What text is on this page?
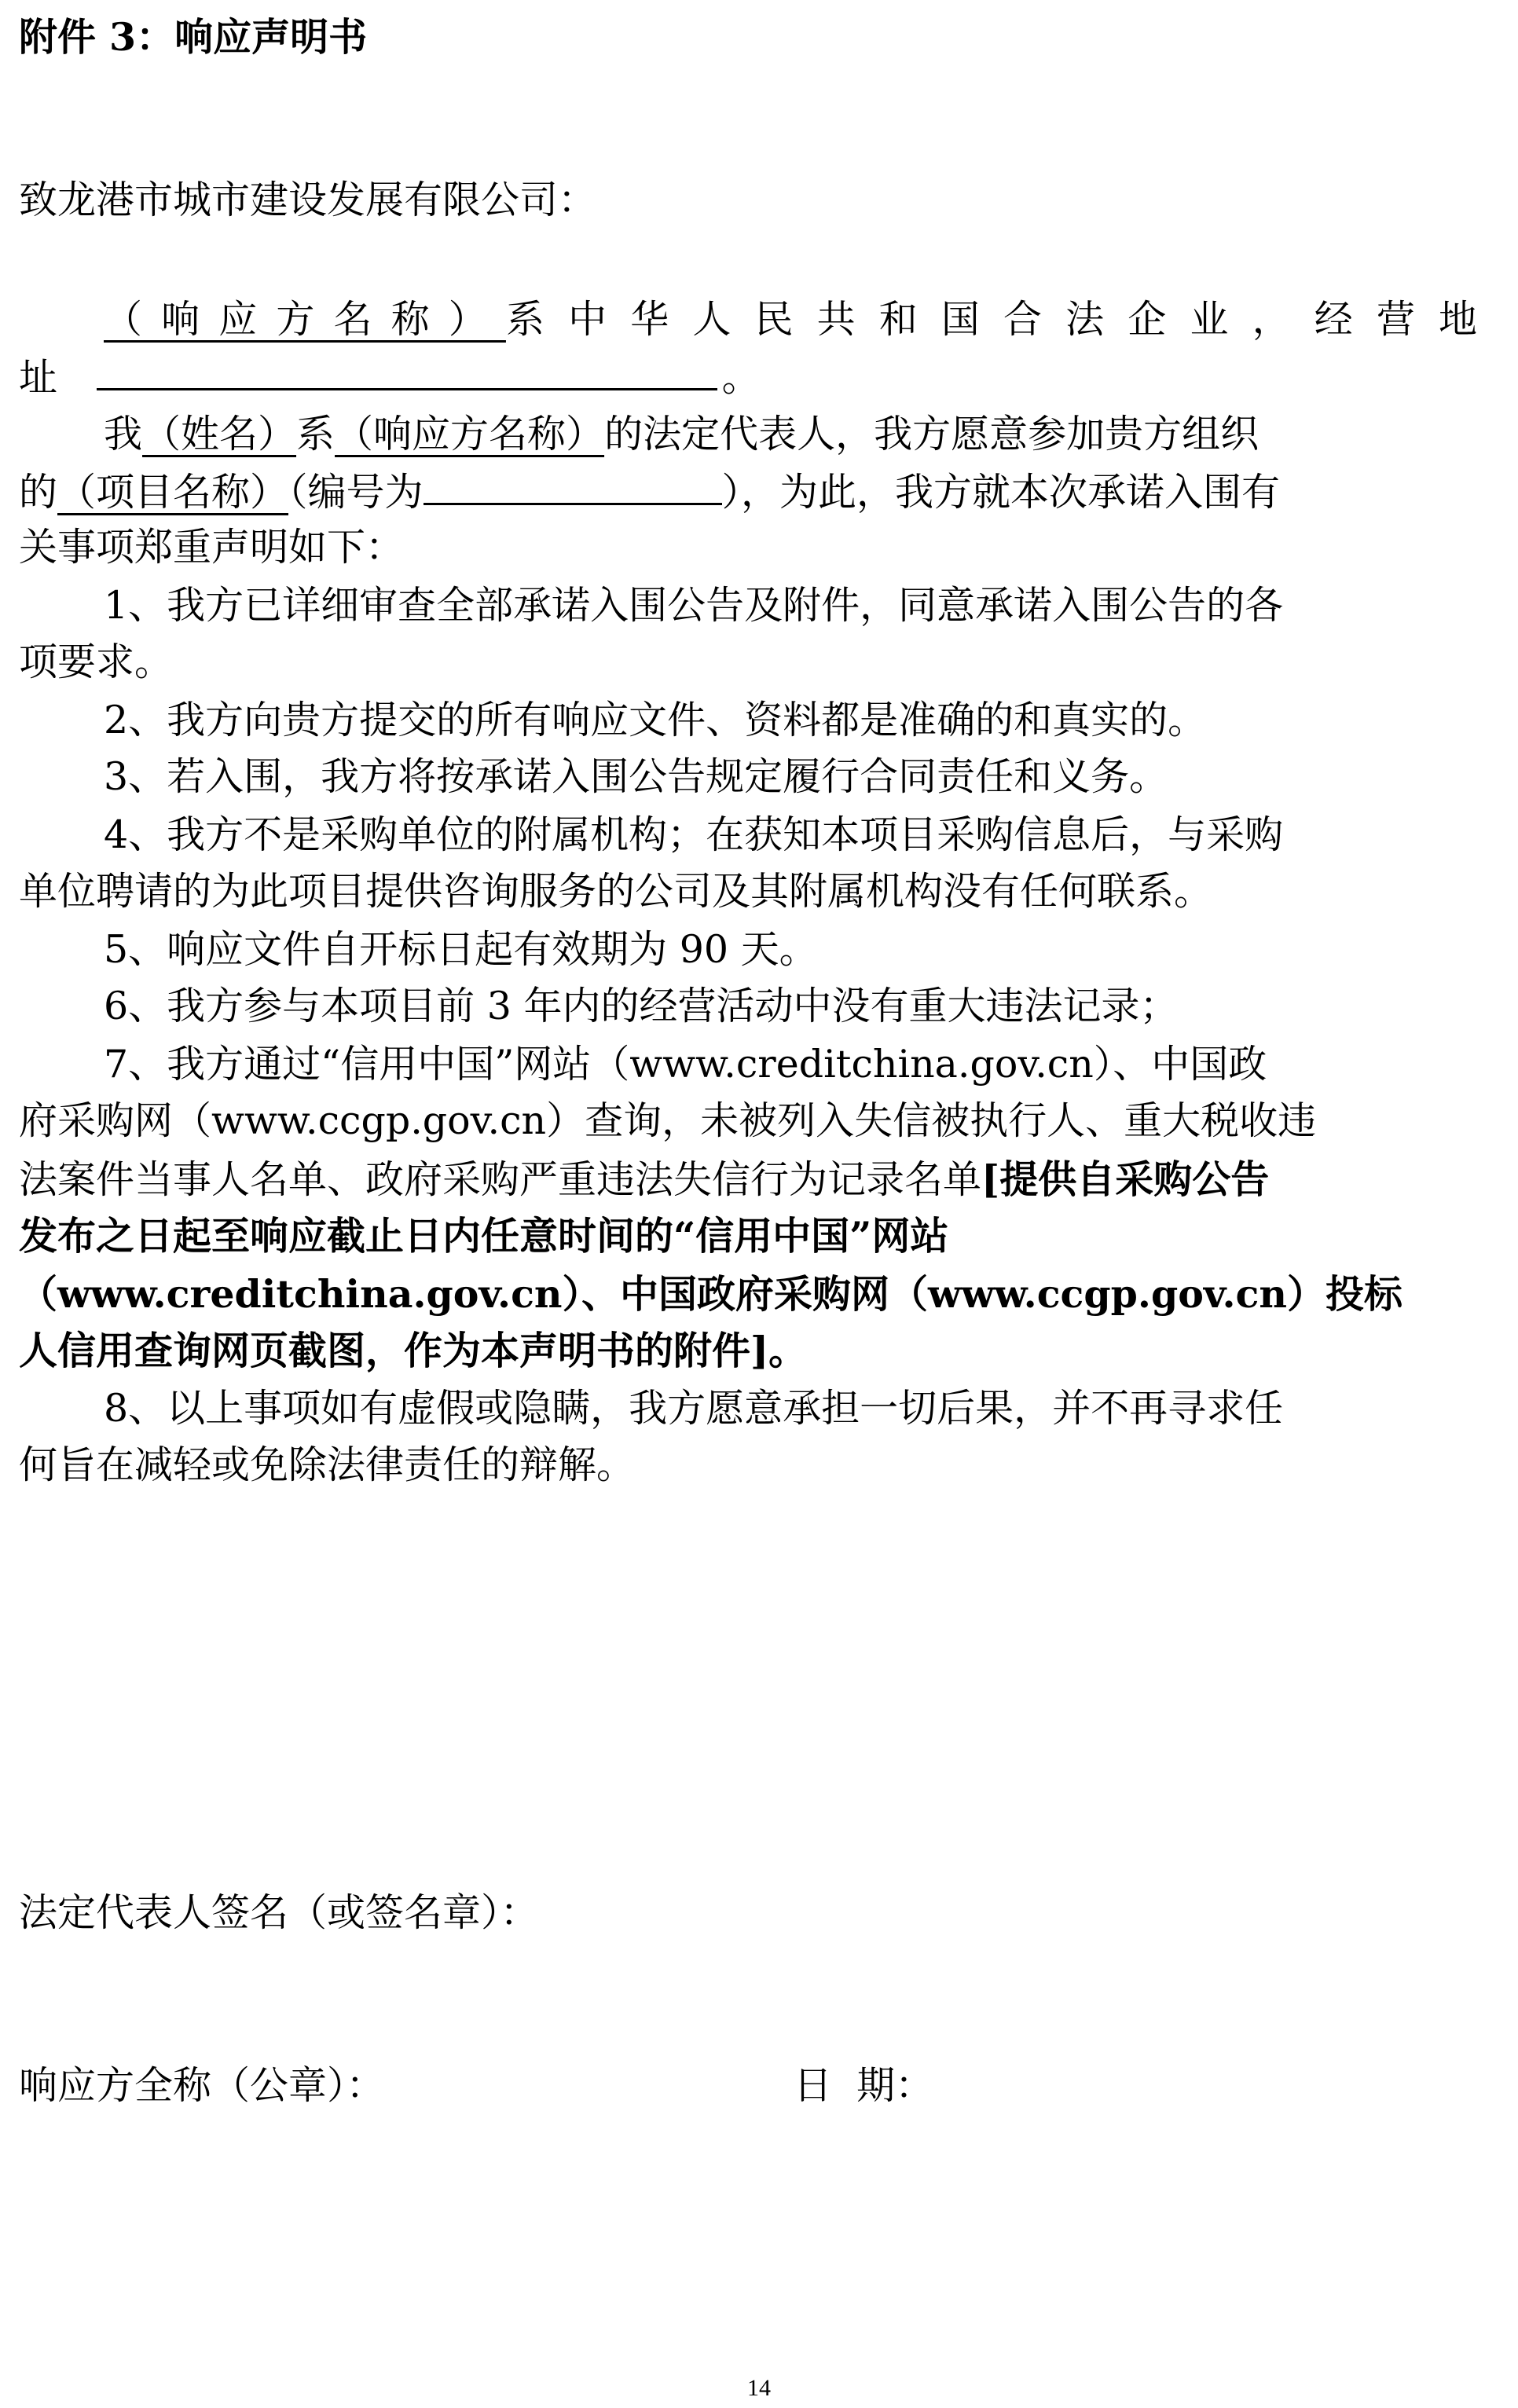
附件 3：响应声明书
致龙港市城市建设发展有限公司：
（响应方名称）系中华人民共和国合法企业，经营地
址	。
我（姓名）系（响应方名称）的法定代表人，我方愿意参加贵方组织
的（项目名称）（编号为	），为此，我方就本次承诺入围有
关事项郑重声明如下：
1、我方已详细审查全部承诺入围公告及附件，同意承诺入围公告的各
项要求。
2、我方向贵方提交的所有响应文件、资料都是准确的和真实的。
3、若入围，我方将按承诺入围公告规定履行合同责任和义务。
4、我方不是采购单位的附属机构；在获知本项目采购信息后，与采购
单位聘请的为此项目提供咨询服务的公司及其附属机构没有任何联系。
5、响应文件自开标日起有效期为 90 天。
6、我方参与本项目前 3 年内的经营活动中没有重大违法记录；
7、我方通过“信用中国”网站（www.creditchina.gov.cn）、中国政
府采购网（www.ccgp.gov.cn）查询，未被列入失信被执行人、重大税收违
法案件当事人名单、政府采购严重违法失信行为记录名单[提供自采购公告
发布之日起至响应截止日内任意时间的“信用中国”网站
（www.creditchina.gov.cn）、中国政府采购网（www.ccgp.gov.cn）投标
人信用查询网页截图，作为本声明书的附件]。
8、以上事项如有虚假或隐瞒，我方愿意承担一切后果，并不再寻求任
何旨在减轻或免除法律责任的辩解。
法定代表人签名（或签名章）：
响应方全称（公章）：	日  期：
14
